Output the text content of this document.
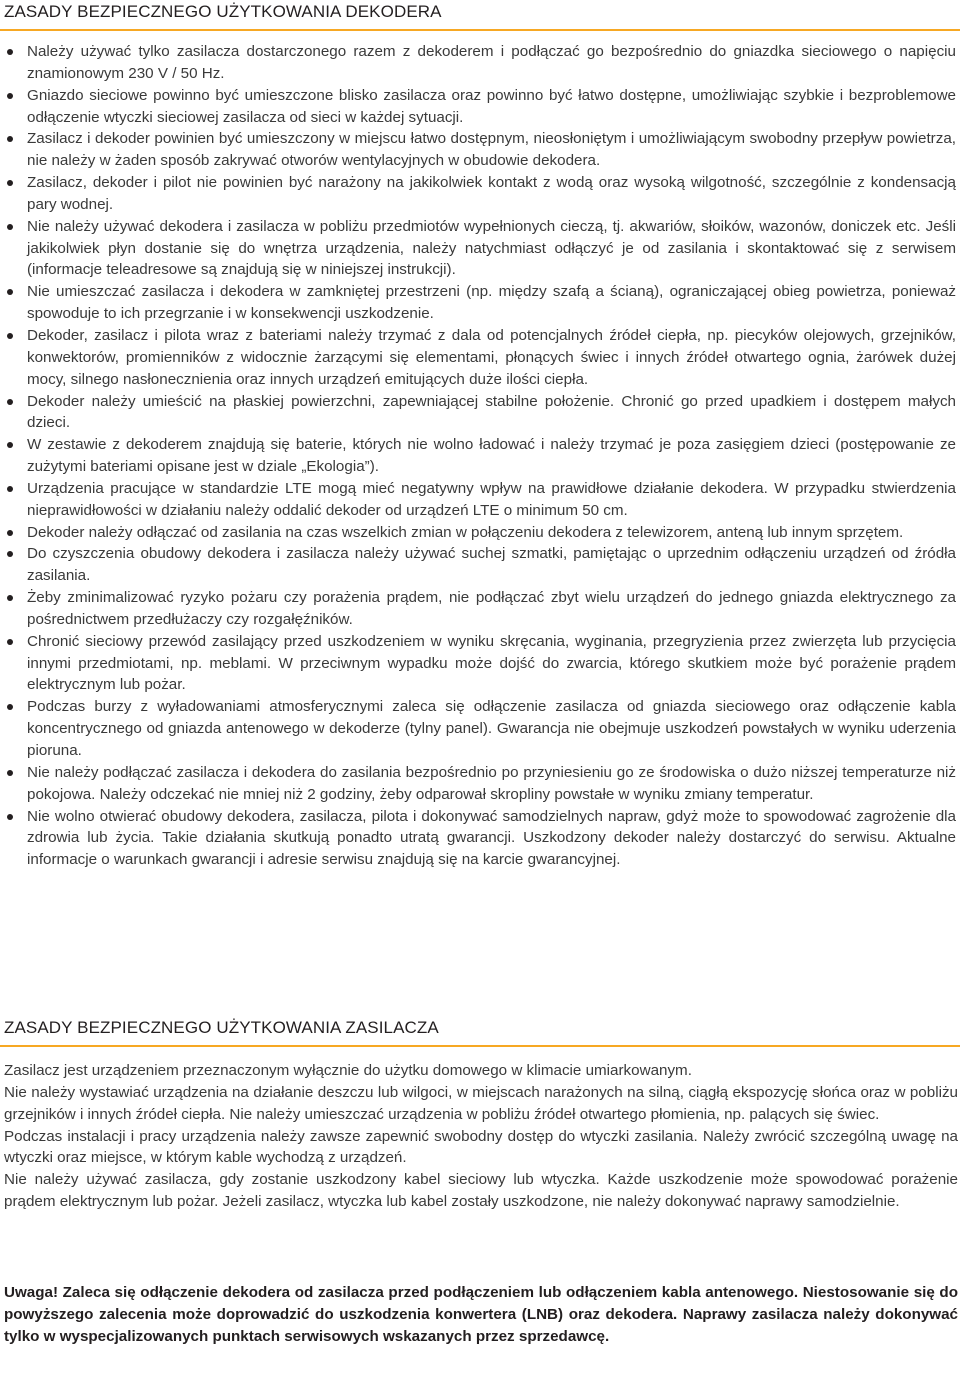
ZASADY BEZPIECZNEGO UŻYTKOWANIA DEKODERA
Należy używać tylko zasilacza dostarczonego razem z dekoderem i podłączać go bezpośrednio do gniazdka sieciowego o napięciu znamionowym 230 V / 50 Hz.
Gniazdo sieciowe powinno być umieszczone blisko zasilacza oraz powinno być łatwo dostępne, umożliwiając szybkie i bezproblemowe odłączenie wtyczki sieciowej zasilacza od sieci w każdej sytuacji.
Zasilacz i dekoder powinien być umieszczony w miejscu łatwo dostępnym, nieosłoniętym i umożliwiającym swobodny przepływ powietrza, nie należy w żaden sposób zakrywać otworów wentylacyjnych w obudowie dekodera.
Zasilacz, dekoder i pilot nie powinien być narażony na jakikolwiek kontakt z wodą oraz wysoką wilgotność, szczególnie z kondensacją pary wodnej.
Nie należy używać dekodera i zasilacza w pobliżu przedmiotów wypełnionych cieczą, tj. akwariów, słoików, wazonów, doniczek etc. Jeśli jakikolwiek płyn dostanie się do wnętrza urządzenia, należy natychmiast odłączyć je od zasilania i skontaktować się z serwisem (informacje teleadresowe są znajdują się w niniejszej instrukcji).
Nie umieszczać zasilacza i dekodera w zamkniętej przestrzeni (np. między szafą a ścianą), ograniczającej obieg powietrza, ponieważ spowoduje to ich przegrzanie i w konsekwencji uszkodzenie.
Dekoder, zasilacz i pilota wraz z bateriami należy trzymać z dala od potencjalnych źródeł ciepła, np. piecyków olejowych, grzejników, konwektorów, promienników z widocznie żarzącymi się elementami, płonących świec i innych źródeł otwartego ognia, żarówek dużej mocy, silnego nasłonecznienia oraz innych urządzeń emitujących duże ilości ciepła.
Dekoder należy umieścić na płaskiej powierzchni, zapewniającej stabilne położenie. Chronić go przed upadkiem i dostępem małych dzieci.
W zestawie z dekoderem znajdują się baterie, których nie wolno ładować i należy trzymać je poza zasięgiem dzieci (postępowanie ze zużytymi bateriami opisane jest w dziale „Ekologia”).
Urządzenia pracujące w standardzie LTE mogą mieć negatywny wpływ na prawidłowe działanie dekodera. W przypadku stwierdzenia nieprawidłowości w działaniu należy oddalić dekoder od urządzeń LTE o minimum 50 cm.
Dekoder należy odłączać od zasilania na czas wszelkich zmian w połączeniu dekodera z telewizorem, anteną lub innym sprzętem.
Do czyszczenia obudowy dekodera i zasilacza należy używać suchej szmatki, pamiętając o uprzednim odłączeniu urządzeń od źródła zasilania.
Żeby zminimalizować ryzyko pożaru czy porażenia prądem, nie podłączać zbyt wielu urządzeń do jednego gniazda elektrycznego za pośrednictwem przedłużaczy czy rozgałęźników.
Chronić sieciowy przewód zasilający przed uszkodzeniem w wyniku skręcania, wyginania, przegryzienia przez zwierzęta lub przycięcia innymi przedmiotami, np. meblami. W przeciwnym wypadku może dojść do zwarcia, którego skutkiem może być porażenie prądem elektrycznym lub pożar.
Podczas burzy z wyładowaniami atmosferycznymi zaleca się odłączenie zasilacza od gniazda sieciowego oraz odłączenie kabla koncentrycznego od gniazda antenowego w dekoderze (tylny panel). Gwarancja nie obejmuje uszkodzeń powstałych w wyniku uderzenia pioruna.
Nie należy podłączać zasilacza i dekodera do zasilania bezpośrednio po przyniesieniu go ze środowiska o dużo niższej temperaturze niż pokojowa. Należy odczekać nie mniej niż 2 godziny, żeby odparował skropliny powstałe w wyniku zmiany temperatur.
Nie wolno otwierać obudowy dekodera, zasilacza, pilota i dokonywać samodzielnych napraw, gdyż może to spowodować zagrożenie dla zdrowia lub życia. Takie działania skutkują ponadto utratą gwarancji. Uszkodzony dekoder należy dostarczyć do serwisu. Aktualne informacje o warunkach gwarancji i adresie serwisu znajdują się na karcie gwarancyjnej.
ZASADY BEZPIECZNEGO UŻYTKOWANIA ZASILACZA

Zasilacz jest urządzeniem przeznaczonym wyłącznie do użytku domowego w klimacie umiarkowanym.

Nie należy wystawiać urządzenia na działanie deszczu lub wilgoci, w miejscach narażonych na silną, ciągłą ekspozycję słońca oraz w pobliżu grzejników i innych źródeł ciepła. Nie należy umieszczać urządzenia w pobliżu źródeł otwartego płomienia, np. palących się świec.

Podczas instalacji i pracy urządzenia należy zawsze zapewnić swobodny dostęp do wtyczki zasilania. Należy zwrócić szczególną uwagę na wtyczki oraz miejsce, w którym kable wychodzą z urządzeń.

Nie należy używać zasilacza, gdy zostanie uszkodzony kabel sieciowy lub wtyczka. Każde uszkodzenie może spowodować porażenie prądem elektrycznym lub pożar. Jeżeli zasilacz, wtyczka lub kabel zostały uszkodzone, nie należy dokonywać naprawy samodzielnie.

Uwaga! Zaleca się odłączenie dekodera od zasilacza przed podłączeniem lub odłączeniem kabla antenowego. Niestosowanie się do powyższego zalecenia może doprowadzić do uszkodzenia konwertera (LNB) oraz dekodera. Naprawy zasilacza należy dokonywać tylko w wyspecjalizowanych punktach serwisowych wskazanych przez sprzedawcę.
